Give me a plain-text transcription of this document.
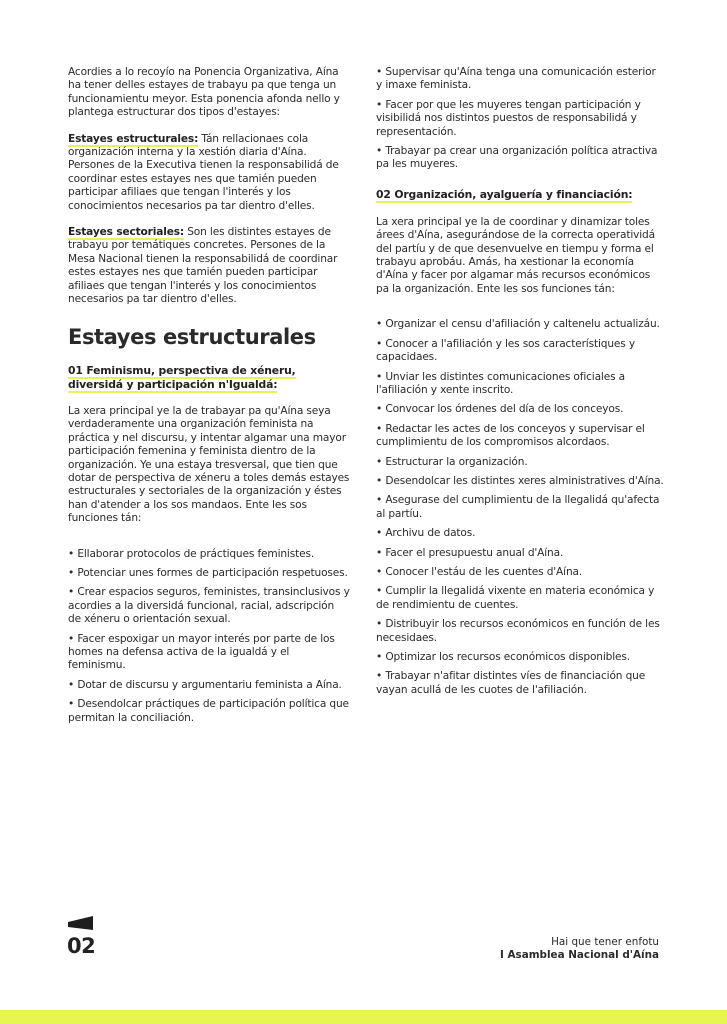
Acordies a lo recoyío na Ponencia Organizativa, Aína ha tener delles estayes de trabayu pa que tenga un funcionamientu meyor. Esta ponencia afonda nello y plantega estructurar dos tipos d'estayes:

Estayes estructurales: Tán rellacionaes cola organización interna y la xestión diaria d'Aína. Persones de la Executiva tienen la responsabilidá de coordinar estes estayes nes que tamién pueden participar afiliaes que tengan l'interés y los conocimientos necesarios pa tar dientro d'elles.

Estayes sectoriales: Son les distintes estayes de trabayu por temátiques concretes. Persones de la Mesa Nacional tienen la responsabilidá de coordinar estes estayes nes que tamién pueden participar afiliaes que tengan l'interés y los conocimientos necesarios pa tar dientro d'elles.

Estayes estructurales

01 Feminismu, perspectiva de xéneru, diversidá y participación n'Igualdá:

La xera principal ye la de trabayar pa qu'Aína seya verdaderamente una organización feminista na práctica y nel discursu, y intentar algamar una mayor participación femenina y feminista dientro de la organización. Ye una estaya tresversal, que tien que dotar de perspectiva de xéneru a toles demás estayes estructurales y sectoriales de la organización y éstes han d'atender a los sos mandaos. Ente les sos funciones tán:

• Ellaborar protocolos de práctiques feministes.
• Potenciar unes formes de participación respetuoses.
• Crear espacios seguros, feministes, transinclusivos y acordies a la diversidá funcional, racial, adscripción de xéneru o orientación sexual.
• Facer espoxigar un mayor interés por parte de los homes na defensa activa de la igualdá y el feminismu.
• Dotar de discursu y argumentariu feminista a Aína.
• Desendolcar práctiques de participación política que permitan la conciliación.
• Supervisar qu'Aína tenga una comunicación esterior y imaxe feminista.
• Facer por que les muyeres tengan participación y visibilidá nos distintos puestos de responsabilidá y representación.
• Trabayar pa crear una organización política atractiva pa les muyeres.

02 Organización, ayalguería y financiación:

La xera principal ye la de coordinar y dinamizar toles árees d'Aína, asegurándose de la correcta operatividá del partíu y de que desenvuelve en tiempu y forma el trabayu aprobáu. Amás, ha xestionar la economía d'Aína y facer por algamar más recursos económicos pa la organización. Ente les sos funciones tán:

• Organizar el censu d'afiliación y caltenelu actualizáu.
• Conocer a l'afiliación y les sos característiques y capacidaes.
• Unviar les distintes comunicaciones oficiales a l'afiliación y xente inscrito.
• Convocar los órdenes del día de los conceyos.
• Redactar les actes de los conceyos y supervisar el cumplimientu de los compromisos alcordaos.
• Estructurar la organización.
• Desendolcar les distintes xeres alministratives d'Aína.
• Asegurase del cumplimientu de la llegalidá qu'afecta al partíu.
• Archivu de datos.
• Facer el presupuestu anual d'Aína.
• Conocer l'estáu de les cuentes d'Aína.
• Cumplir la llegalidá vixente en materia económica y de rendimientu de cuentes.
• Distribuyir los recursos económicos en función de les necesidaes.
• Optimizar los recursos económicos disponibles.
• Trabayar n'afitar distintes víes de financiación que vayan acullá de les cuotes de l'afiliación.
02	Hai que tener enfotu
I Asamblea Nacional d'Aína
